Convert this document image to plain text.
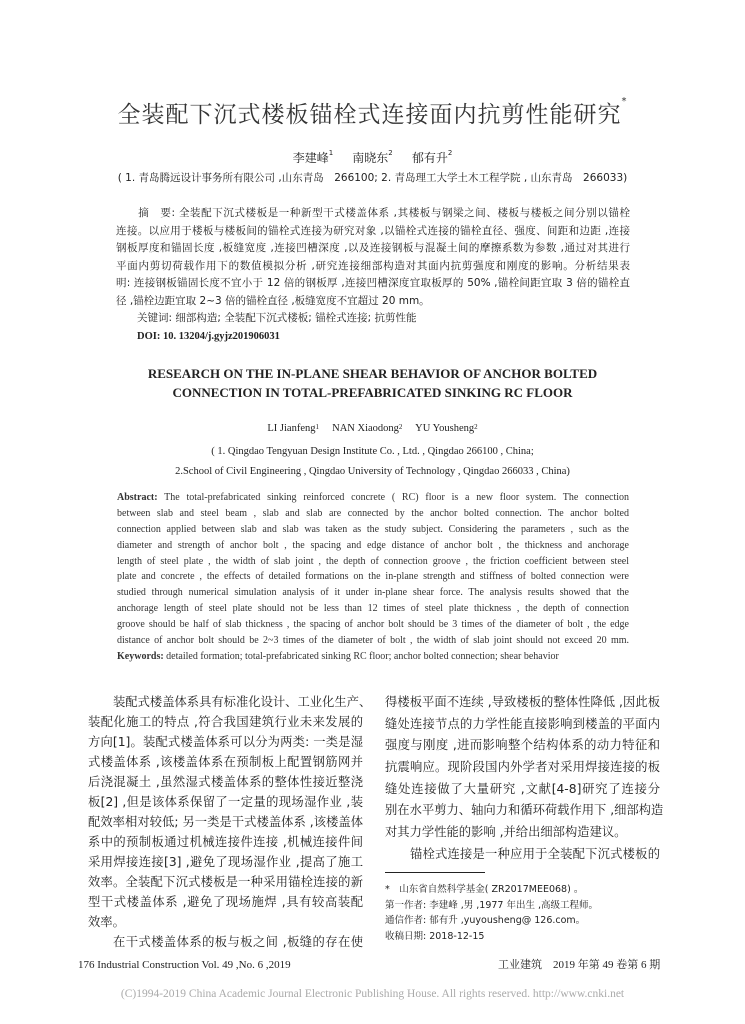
全装配下沉式楼板锚栓式连接面内抗剪性能研究*
李建峰$^1$ 南晓东$^2$ 郁有升$^2$
( 1. 青岛腾远设计事务所有限公司 ,山东青岛　266100; 2. 青岛理工大学土木工程学院 , 山东青岛　266033)
　　摘　要: 全装配下沉式楼板是一种新型干式楼盖体系 ,其楼板与钢梁之间、楼板与楼板之间分别以锚栓
连接。以应用于楼板与楼板间的锚栓式连接为研究对象 ,以锚栓式连接的锚栓直径、强度、间距和边距 ,连接
钢板厚度和锚固长度 ,板缝宽度 ,连接凹槽深度 ,以及连接钢板与混凝土间的摩擦系数为参数 ,通过对其进行
平面内剪切荷载作用下的数值模拟分析 ,研究连接细部构造对其面内抗剪强度和刚度的影响。分析结果表
明: 连接钢板锚固长度不宜小于 12 倍的钢板厚 ,连接凹槽深度宜取板厚的 50% ,锚栓间距宜取 3 倍的锚栓直
径 ,锚栓边距宜取 2~3 倍的锚栓直径 ,板缝宽度不宜超过 20 mm。
　　关键词: 细部构造; 全装配下沉式楼板; 锚栓式连接; 抗剪性能
　　DOI: 10. 13204/j.gyjz201906031
RESEARCH ON THE IN-PLANE SHEAR BEHAVIOR OF ANCHOR BOLTED
CONNECTION IN TOTAL-PREFABRICATED SINKING RC FLOOR
LI Jianfeng$^1$ NAN Xiaodong$^2$ YU Yousheng$^2$
( 1. Qingdao Tengyuan Design Institute Co. , Ltd. , Qingdao 266100 , China;
2.School of Civil Engineering , Qingdao University of Technology , Qingdao 266033 , China)
Abstract: The total-prefabricated sinking reinforced concrete ( RC) floor is a new floor system. The connection
between slab and steel beam , slab and slab are connected by the anchor bolted connection. The anchor bolted
connection applied between slab and slab was taken as the study subject. Considering the parameters , such as the
diameter and strength of anchor bolt , the spacing and edge distance of anchor bolt , the thickness and anchorage
length of steel plate , the width of slab joint , the depth of connection groove , the friction coefficient between steel
plate and concrete , the effects of detailed formations on the in-plane strength and stiffness of bolted connection were
studied through numerical simulation analysis of it under in-plane shear force. The analysis results showed that the
anchorage length of steel plate should not be less than 12 times of steel plate thickness , the depth of connection
groove should be half of slab thickness , the spacing of anchor bolt should be 3 times of the diameter of bolt , the edge
distance of anchor bolt should be 2~3 times of the diameter of bolt , the width of slab joint should not exceed 20 mm.
Keywords: detailed formation; total-prefabricated sinking RC floor; anchor bolted connection; shear behavior
装配式楼盖体系具有标准化设计、工业化生产、
装配化施工的特点 ,符合我国建筑行业未来发展的
方向[1]。装配式楼盖体系可以分为两类: 一类是湿
式楼盖体系 ,该楼盖体系在预制板上配置钢筋网并
后浇混凝土 ,虽然湿式楼盖体系的整体性接近整浇
板[2] ,但是该体系保留了一定量的现场湿作业 ,装
配效率相对较低; 另一类是干式楼盖体系 ,该楼盖体
系中的预制板通过机械连接件连接 ,机械连接件间
采用焊接连接[3] ,避免了现场湿作业 ,提高了施工
效率。全装配下沉式楼板是一种采用锚栓连接的新
型干式楼盖体系 ,避免了现场施焊 ,具有较高装配
效率。
在干式楼盖体系的板与板之间 ,板缝的存在使
得楼板平面不连续 ,导致楼板的整体性降低 ,因此板
缝处连接节点的力学性能直接影响到楼盖的平面内
强度与刚度 ,进而影响整个结构体系的动力特征和
抗震响应。现阶段国内外学者对采用焊接连接的板
缝处连接做了大量研究 ,文献[4-8]研究了连接分
别在水平剪力、轴向力和循环荷载作用下 ,细部构造
对其力学性能的影响 ,并给出细部构造建议。
锚栓式连接是一种应用于全装配下沉式楼板的
*　山东省自然科学基金( ZR2017MEE068) 。
第一作者: 李建峰 ,男 ,1977 年出生 ,高级工程师。
通信作者: 郁有升 ,yuyousheng@ 126.com。
收稿日期: 2018-12-15
176 Industrial Construction Vol. 49 ,No. 6 ,2019	工业建筑　2019 年第 49 卷第 6 期
(C)1994-2019 China Academic Journal Electronic Publishing House. All rights reserved. http://www.cnki.net
